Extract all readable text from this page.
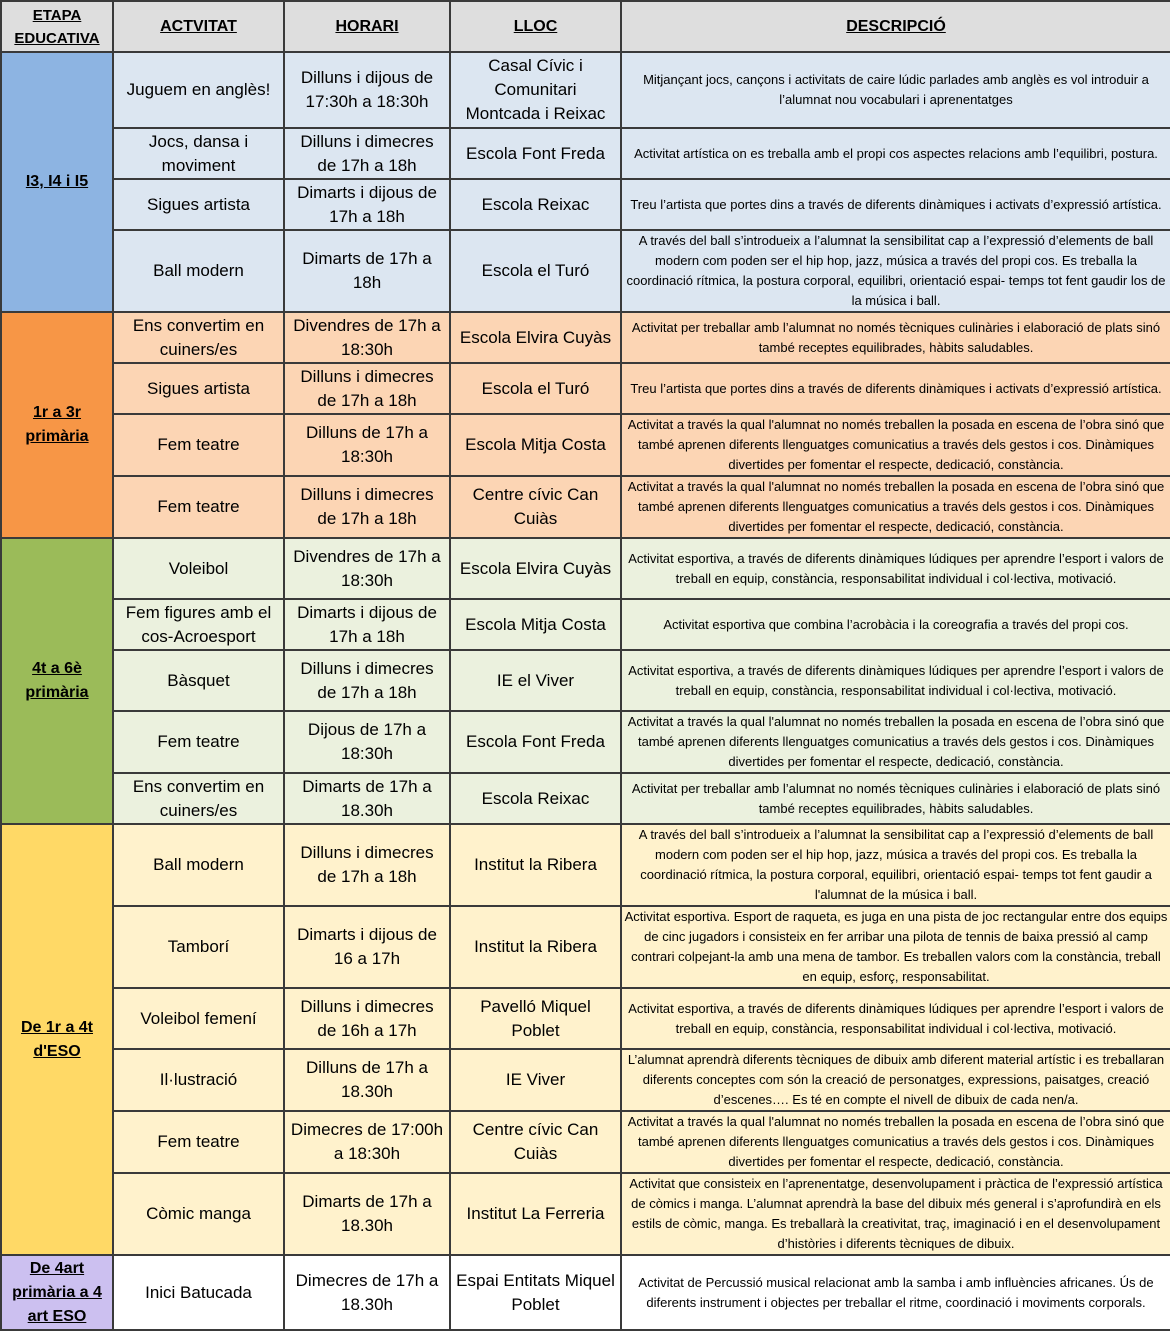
ETAPA EDUCATIVA	ACTVITAT	HORARI	LLOC	DESCRIPCIÓ
I3, I4 i I5	Juguem en anglès!	Dilluns i dijous de 17:30h a 18:30h	Casal Cívic i Comunitari Montcada i Reixac	Mitjançant jocs, cançons i activitats de caire lúdic parlades amb anglès es vol introduir a l’alumnat nou vocabulari i aprenentatges
	Jocs, dansa i moviment	Dilluns i dimecres de 17h a 18h	Escola Font Freda	Activitat artística on es treballa amb el propi cos aspectes relacions amb l’equilibri, postura.
	Sigues artista	Dimarts i dijous de 17h a 18h	Escola Reixac	Treu l’artista que portes dins a través de diferents dinàmiques i activats d’expressió artística.
	Ball modern	Dimarts de 17h a 18h	Escola el Turó	A través del ball s’introdueix a l’alumnat la sensibilitat cap a l’expressió d’elements de ball modern com poden ser el hip hop, jazz, música a través del propi cos. Es treballa la coordinació rítmica, la postura corporal, equilibri, orientació espai- temps tot fent gaudir los de la música i ball.
1r a 3r primària	Ens convertim en cuiners/es	Divendres de 17h a 18:30h	Escola Elvira Cuyàs	Activitat per treballar amb l’alumnat no només tècniques culinàries i elaboració de plats sinó també receptes equilibrades, hàbits saludables.
	Sigues artista	Dilluns i dimecres de 17h a 18h	Escola el Turó	Treu l’artista que portes dins a través de diferents dinàmiques i activats d’expressió artística.
	Fem teatre	Dilluns de 17h a 18:30h	Escola Mitja Costa	Activitat a través la qual l'alumnat no només treballen la posada en escena de l’obra sinó que també aprenen diferents llenguatges comunicatius a través dels gestos i cos. Dinàmiques divertides per fomentar el respecte, dedicació, constància.
	Fem teatre	Dilluns i dimecres de 17h a 18h	Centre cívic Can Cuiàs	Activitat a través la qual l'alumnat no només treballen la posada en escena de l’obra sinó que també aprenen diferents llenguatges comunicatius a través dels gestos i cos. Dinàmiques divertides per fomentar el respecte, dedicació, constància.
4t a 6è primària	Voleibol	Divendres de 17h a 18:30h	Escola Elvira Cuyàs	Activitat esportiva, a través de diferents dinàmiques lúdiques per aprendre l’esport i valors de treball en equip, constància, responsabilitat individual i col·lectiva, motivació.
	Fem figures amb el cos-Acroesport	Dimarts i dijous de 17h a 18h	Escola Mitja Costa	Activitat esportiva que combina l’acrobàcia i la coreografia a través del propi cos.
	Bàsquet	Dilluns i dimecres de 17h a 18h	IE el Viver	Activitat esportiva, a través de diferents dinàmiques lúdiques per aprendre l’esport i valors de treball en equip, constància, responsabilitat individual i col·lectiva, motivació.
	Fem teatre	Dijous de 17h a 18:30h	Escola Font Freda	Activitat a través la qual l'alumnat no només treballen la posada en escena de l’obra sinó que també aprenen diferents llenguatges comunicatius a través dels gestos i cos. Dinàmiques divertides per fomentar el respecte, dedicació, constància.
	Ens convertim en cuiners/es	Dimarts de 17h a 18.30h	Escola Reixac	Activitat per treballar amb l’alumnat no només tècniques culinàries i elaboració de plats sinó també receptes equilibrades, hàbits saludables.
De 1r a 4t d'ESO	Ball modern	Dilluns i dimecres de 17h a 18h	Institut la Ribera	A través del ball s’introdueix a l’alumnat la sensibilitat cap a l’expressió d’elements de ball modern com poden ser el hip hop, jazz, música a través del propi cos. Es treballa la coordinació rítmica, la postura corporal, equilibri, orientació espai- temps tot fent gaudir a l'alumnat de la música i ball.
	Tamborí	Dimarts i dijous de 16 a 17h	Institut la Ribera	Activitat esportiva. Esport de raqueta, es juga en una pista de joc rectangular entre dos equips de cinc jugadors i consisteix en fer arribar una pilota de tennis de baixa pressió al camp contrari colpejant-la amb una mena de tambor. Es treballen valors com la constància, treball en equip, esforç, responsabilitat.
	Voleibol femení	Dilluns i dimecres de 16h a 17h	Pavelló Miquel Poblet	Activitat esportiva, a través de diferents dinàmiques lúdiques per aprendre l’esport i valors de treball en equip, constància, responsabilitat individual i col·lectiva, motivació.
	Il·lustració	Dilluns de 17h a 18.30h	IE Viver	L’alumnat aprendrà diferents tècniques de dibuix amb diferent material artístic i es treballaran diferents conceptes com són la creació de personatges, expressions, paisatges, creació d’escenes…. Es té en compte el nivell de dibuix de cada nen/a.
	Fem teatre	Dimecres de 17:00h a 18:30h	Centre cívic Can Cuiàs	Activitat a través la qual l'alumnat no només treballen la posada en escena de l’obra sinó que també aprenen diferents llenguatges comunicatius a través dels gestos i cos. Dinàmiques divertides per fomentar el respecte, dedicació, constància.
	Còmic manga	Dimarts de 17h a 18.30h	Institut La Ferreria	Activitat que consisteix en l’aprenentatge, desenvolupament i pràctica de l’expressió artística de còmics i manga. L’alumnat aprendrà la base del dibuix més general i s’aprofundirà en els estils de còmic, manga. Es treballarà la creativitat, traç, imaginació i en el desenvolupament d’històries i diferents tècniques de dibuix.
De 4art primària a 4 art ESO	Inici Batucada	Dimecres de 17h a 18.30h	Espai Entitats Miquel Poblet	Activitat de Percussió musical relacionat amb la samba i amb influències africanes. Ús de diferents instrument i objectes per treballar el ritme, coordinació i moviments corporals.
